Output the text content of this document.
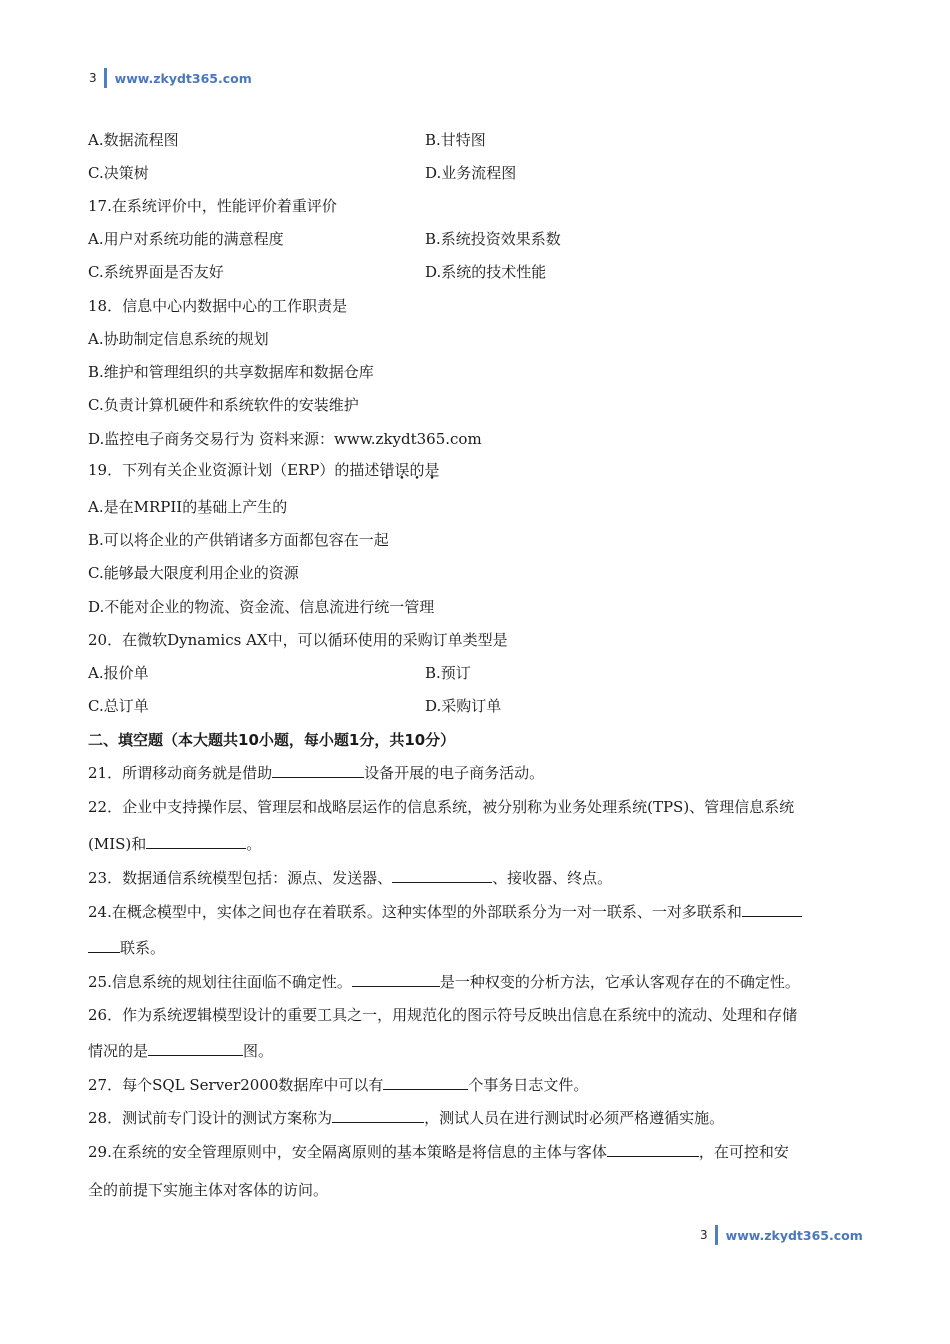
3 www.zkydt365.com
A.数据流程图	B.甘特图
C.决策树	D.业务流程图
17.在系统评价中，性能评价着重评价
A.用户对系统功能的满意程度	B.系统投资效果系数
C.系统界面是否友好	D.系统的技术性能
18．信息中心内数据中心的工作职责是
A.协助制定信息系统的规划
B.维护和管理组织的共享数据库和数据仓库
C.负责计算机硬件和系统软件的安装维护
D.监控电子商务交易行为 资料来源：www.zkydt365.com
19．下列有关企业资源计划（ERP）的描述错误的是
A.是在MRPII的基础上产生的
B.可以将企业的产供销诸多方面都包容在一起
C.能够最大限度利用企业的资源
D.不能对企业的物流、资金流、信息流进行统一管理
20．在微软Dynamics AX中，可以循环使用的采购订单类型是
A.报价单	B.预订
C.总订单	D.采购订单
二、填空题（本大题共10小题，每小题1分，共10分）
21．所谓移动商务就是借助	设备开展的电子商务活动。
22．企业中支持操作层、管理层和战略层运作的信息系统，被分别称为业务处理系统(TPS)、管理信息系统
(MIS)和	。
23．数据通信系统模型包括：源点、发送器、	、接收器、终点。
24.在概念模型中，实体之间也存在着联系。这种实体型的外部联系分为一对一联系、一对多联系和
联系。
25.信息系统的规划往往面临不确定性。	是一种权变的分析方法，它承认客观存在的不确定性。
26．作为系统逻辑模型设计的重要工具之一，用规范化的图示符号反映出信息在系统中的流动、处理和存储
情况的是	图。
27．每个SQL Server2000数据库中可以有	个事务日志文件。
28．测试前专门设计的测试方案称为	，测试人员在进行测试时必须严格遵循实施。
29.在系统的安全管理原则中，安全隔离原则的基本策略是将信息的主体与客体	，在可控和安
全的前提下实施主体对客体的访问。
3 www.zkydt365.com
